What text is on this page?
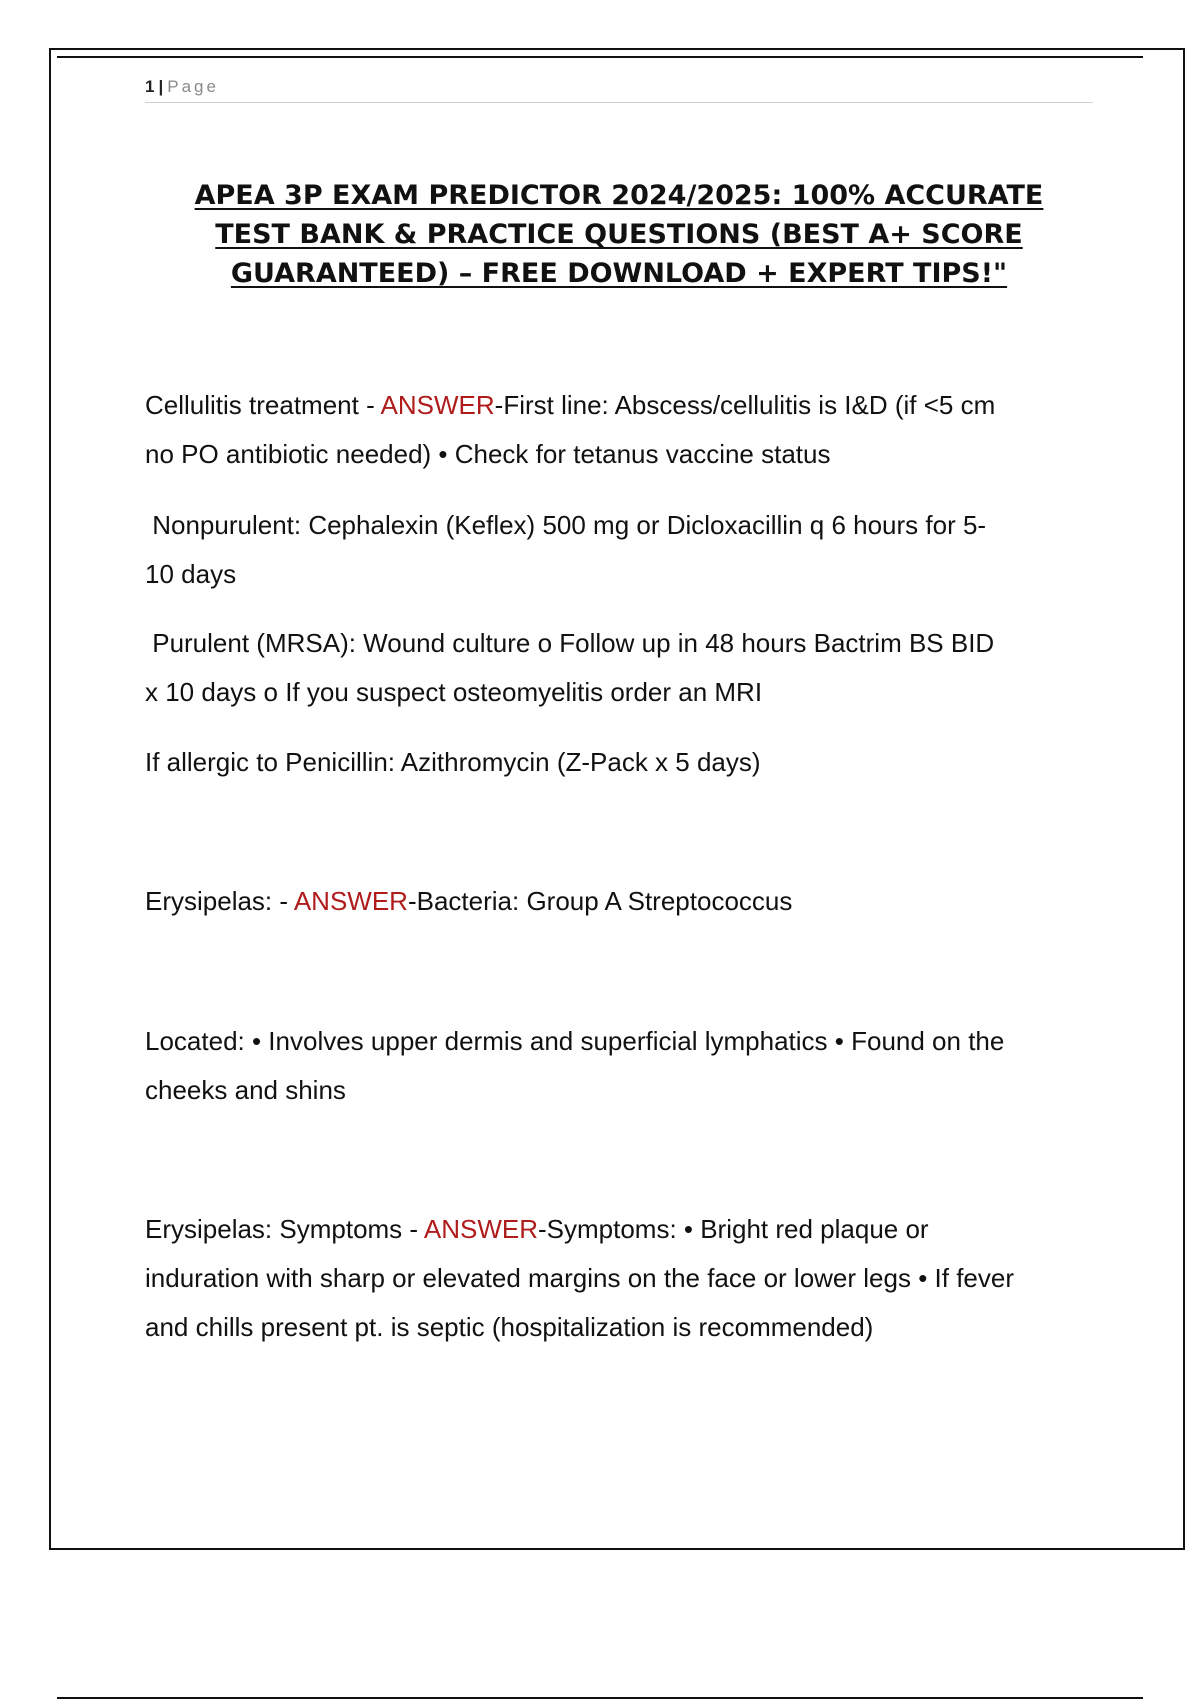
1 | Page
APEA 3P EXAM PREDICTOR 2024/2025: 100% ACCURATE
TEST BANK & PRACTICE QUESTIONS (BEST A+ SCORE
GUARANTEED) – FREE DOWNLOAD + EXPERT TIPS!"
Cellulitis treatment - ANSWER-First line: Abscess/cellulitis is I&D (if <5 cm
no PO antibiotic needed) • Check for tetanus vaccine status
Nonpurulent: Cephalexin (Keflex) 500 mg or Dicloxacillin q 6 hours for 5-
10 days
Purulent (MRSA): Wound culture o Follow up in 48 hours Bactrim BS BID
x 10 days o If you suspect osteomyelitis order an MRI
If allergic to Penicillin: Azithromycin (Z-Pack x 5 days)
Erysipelas: - ANSWER-Bacteria: Group A Streptococcus
Located: • Involves upper dermis and superficial lymphatics • Found on the
cheeks and shins
Erysipelas: Symptoms - ANSWER-Symptoms: • Bright red plaque or
induration with sharp or elevated margins on the face or lower legs • If fever
and chills present pt. is septic (hospitalization is recommended)
